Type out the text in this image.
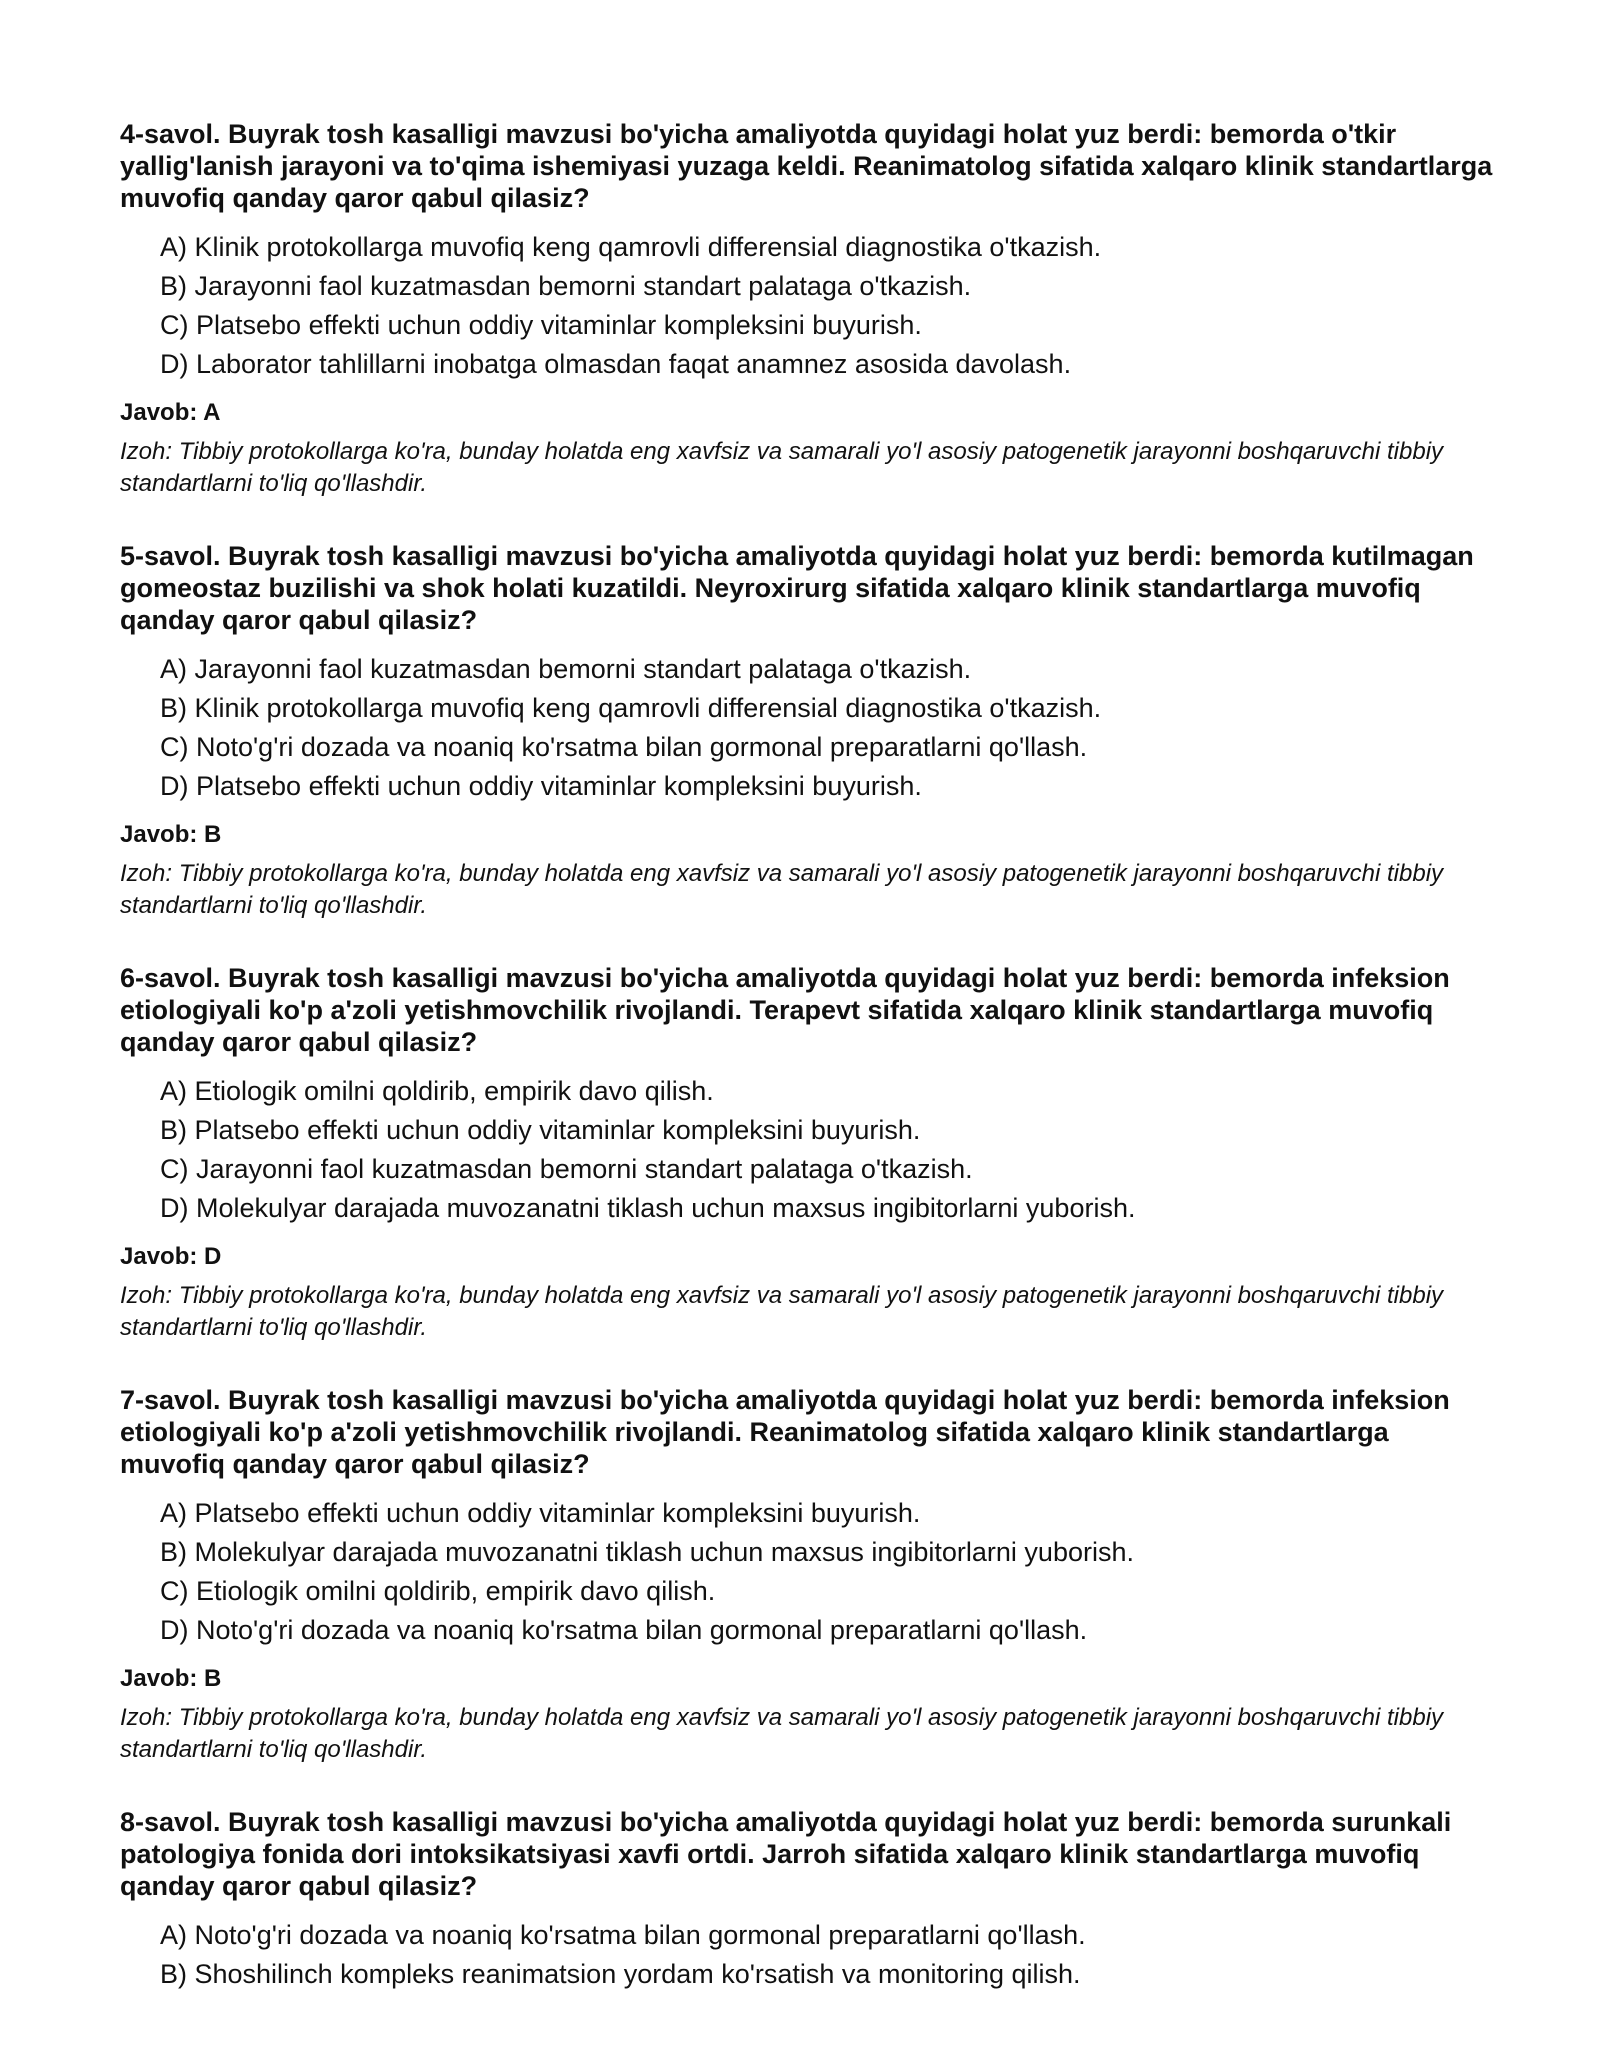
4-savol. Buyrak tosh kasalligi mavzusi bo'yicha amaliyotda quyidagi holat yuz berdi: bemorda o'tkir yallig'lanish jarayoni va to'qima ishemiyasi yuzaga keldi. Reanimatolog sifatida xalqaro klinik standartlarga muvofiq qanday qaror qabul qilasiz?

A) Klinik protokollarga muvofiq keng qamrovli differensial diagnostika o'tkazish.
B) Jarayonni faol kuzatmasdan bemorni standart palataga o'tkazish.
C) Platsebo effekti uchun oddiy vitaminlar kompleksini buyurish.
D) Laborator tahlillarni inobatga olmasdan faqat anamnez asosida davolash.

Javob: A

Izoh: Tibbiy protokollarga ko'ra, bunday holatda eng xavfsiz va samarali yo'l asosiy patogenetik jarayonni boshqaruvchi tibbiy standartlarni to'liq qo'llashdir.

5-savol. Buyrak tosh kasalligi mavzusi bo'yicha amaliyotda quyidagi holat yuz berdi: bemorda kutilmagan gomeostaz buzilishi va shok holati kuzatildi. Neyroxirurg sifatida xalqaro klinik standartlarga muvofiq qanday qaror qabul qilasiz?

A) Jarayonni faol kuzatmasdan bemorni standart palataga o'tkazish.
B) Klinik protokollarga muvofiq keng qamrovli differensial diagnostika o'tkazish.
C) Noto'g'ri dozada va noaniq ko'rsatma bilan gormonal preparatlarni qo'llash.
D) Platsebo effekti uchun oddiy vitaminlar kompleksini buyurish.

Javob: B

Izoh: Tibbiy protokollarga ko'ra, bunday holatda eng xavfsiz va samarali yo'l asosiy patogenetik jarayonni boshqaruvchi tibbiy standartlarni to'liq qo'llashdir.

6-savol. Buyrak tosh kasalligi mavzusi bo'yicha amaliyotda quyidagi holat yuz berdi: bemorda infeksion etiologiyali ko'p a'zoli yetishmovchilik rivojlandi. Terapevt sifatida xalqaro klinik standartlarga muvofiq qanday qaror qabul qilasiz?

A) Etiologik omilni qoldirib, empirik davo qilish.
B) Platsebo effekti uchun oddiy vitaminlar kompleksini buyurish.
C) Jarayonni faol kuzatmasdan bemorni standart palataga o'tkazish.
D) Molekulyar darajada muvozanatni tiklash uchun maxsus ingibitorlarni yuborish.

Javob: D

Izoh: Tibbiy protokollarga ko'ra, bunday holatda eng xavfsiz va samarali yo'l asosiy patogenetik jarayonni boshqaruvchi tibbiy standartlarni to'liq qo'llashdir.

7-savol. Buyrak tosh kasalligi mavzusi bo'yicha amaliyotda quyidagi holat yuz berdi: bemorda infeksion etiologiyali ko'p a'zoli yetishmovchilik rivojlandi. Reanimatolog sifatida xalqaro klinik standartlarga muvofiq qanday qaror qabul qilasiz?

A) Platsebo effekti uchun oddiy vitaminlar kompleksini buyurish.
B) Molekulyar darajada muvozanatni tiklash uchun maxsus ingibitorlarni yuborish.
C) Etiologik omilni qoldirib, empirik davo qilish.
D) Noto'g'ri dozada va noaniq ko'rsatma bilan gormonal preparatlarni qo'llash.

Javob: B

Izoh: Tibbiy protokollarga ko'ra, bunday holatda eng xavfsiz va samarali yo'l asosiy patogenetik jarayonni boshqaruvchi tibbiy standartlarni to'liq qo'llashdir.

8-savol. Buyrak tosh kasalligi mavzusi bo'yicha amaliyotda quyidagi holat yuz berdi: bemorda surunkali patologiya fonida dori intoksikatsiyasi xavfi ortdi. Jarroh sifatida xalqaro klinik standartlarga muvofiq qanday qaror qabul qilasiz?

A) Noto'g'ri dozada va noaniq ko'rsatma bilan gormonal preparatlarni qo'llash.
B) Shoshilinch kompleks reanimatsion yordam ko'rsatish va monitoring qilish.
